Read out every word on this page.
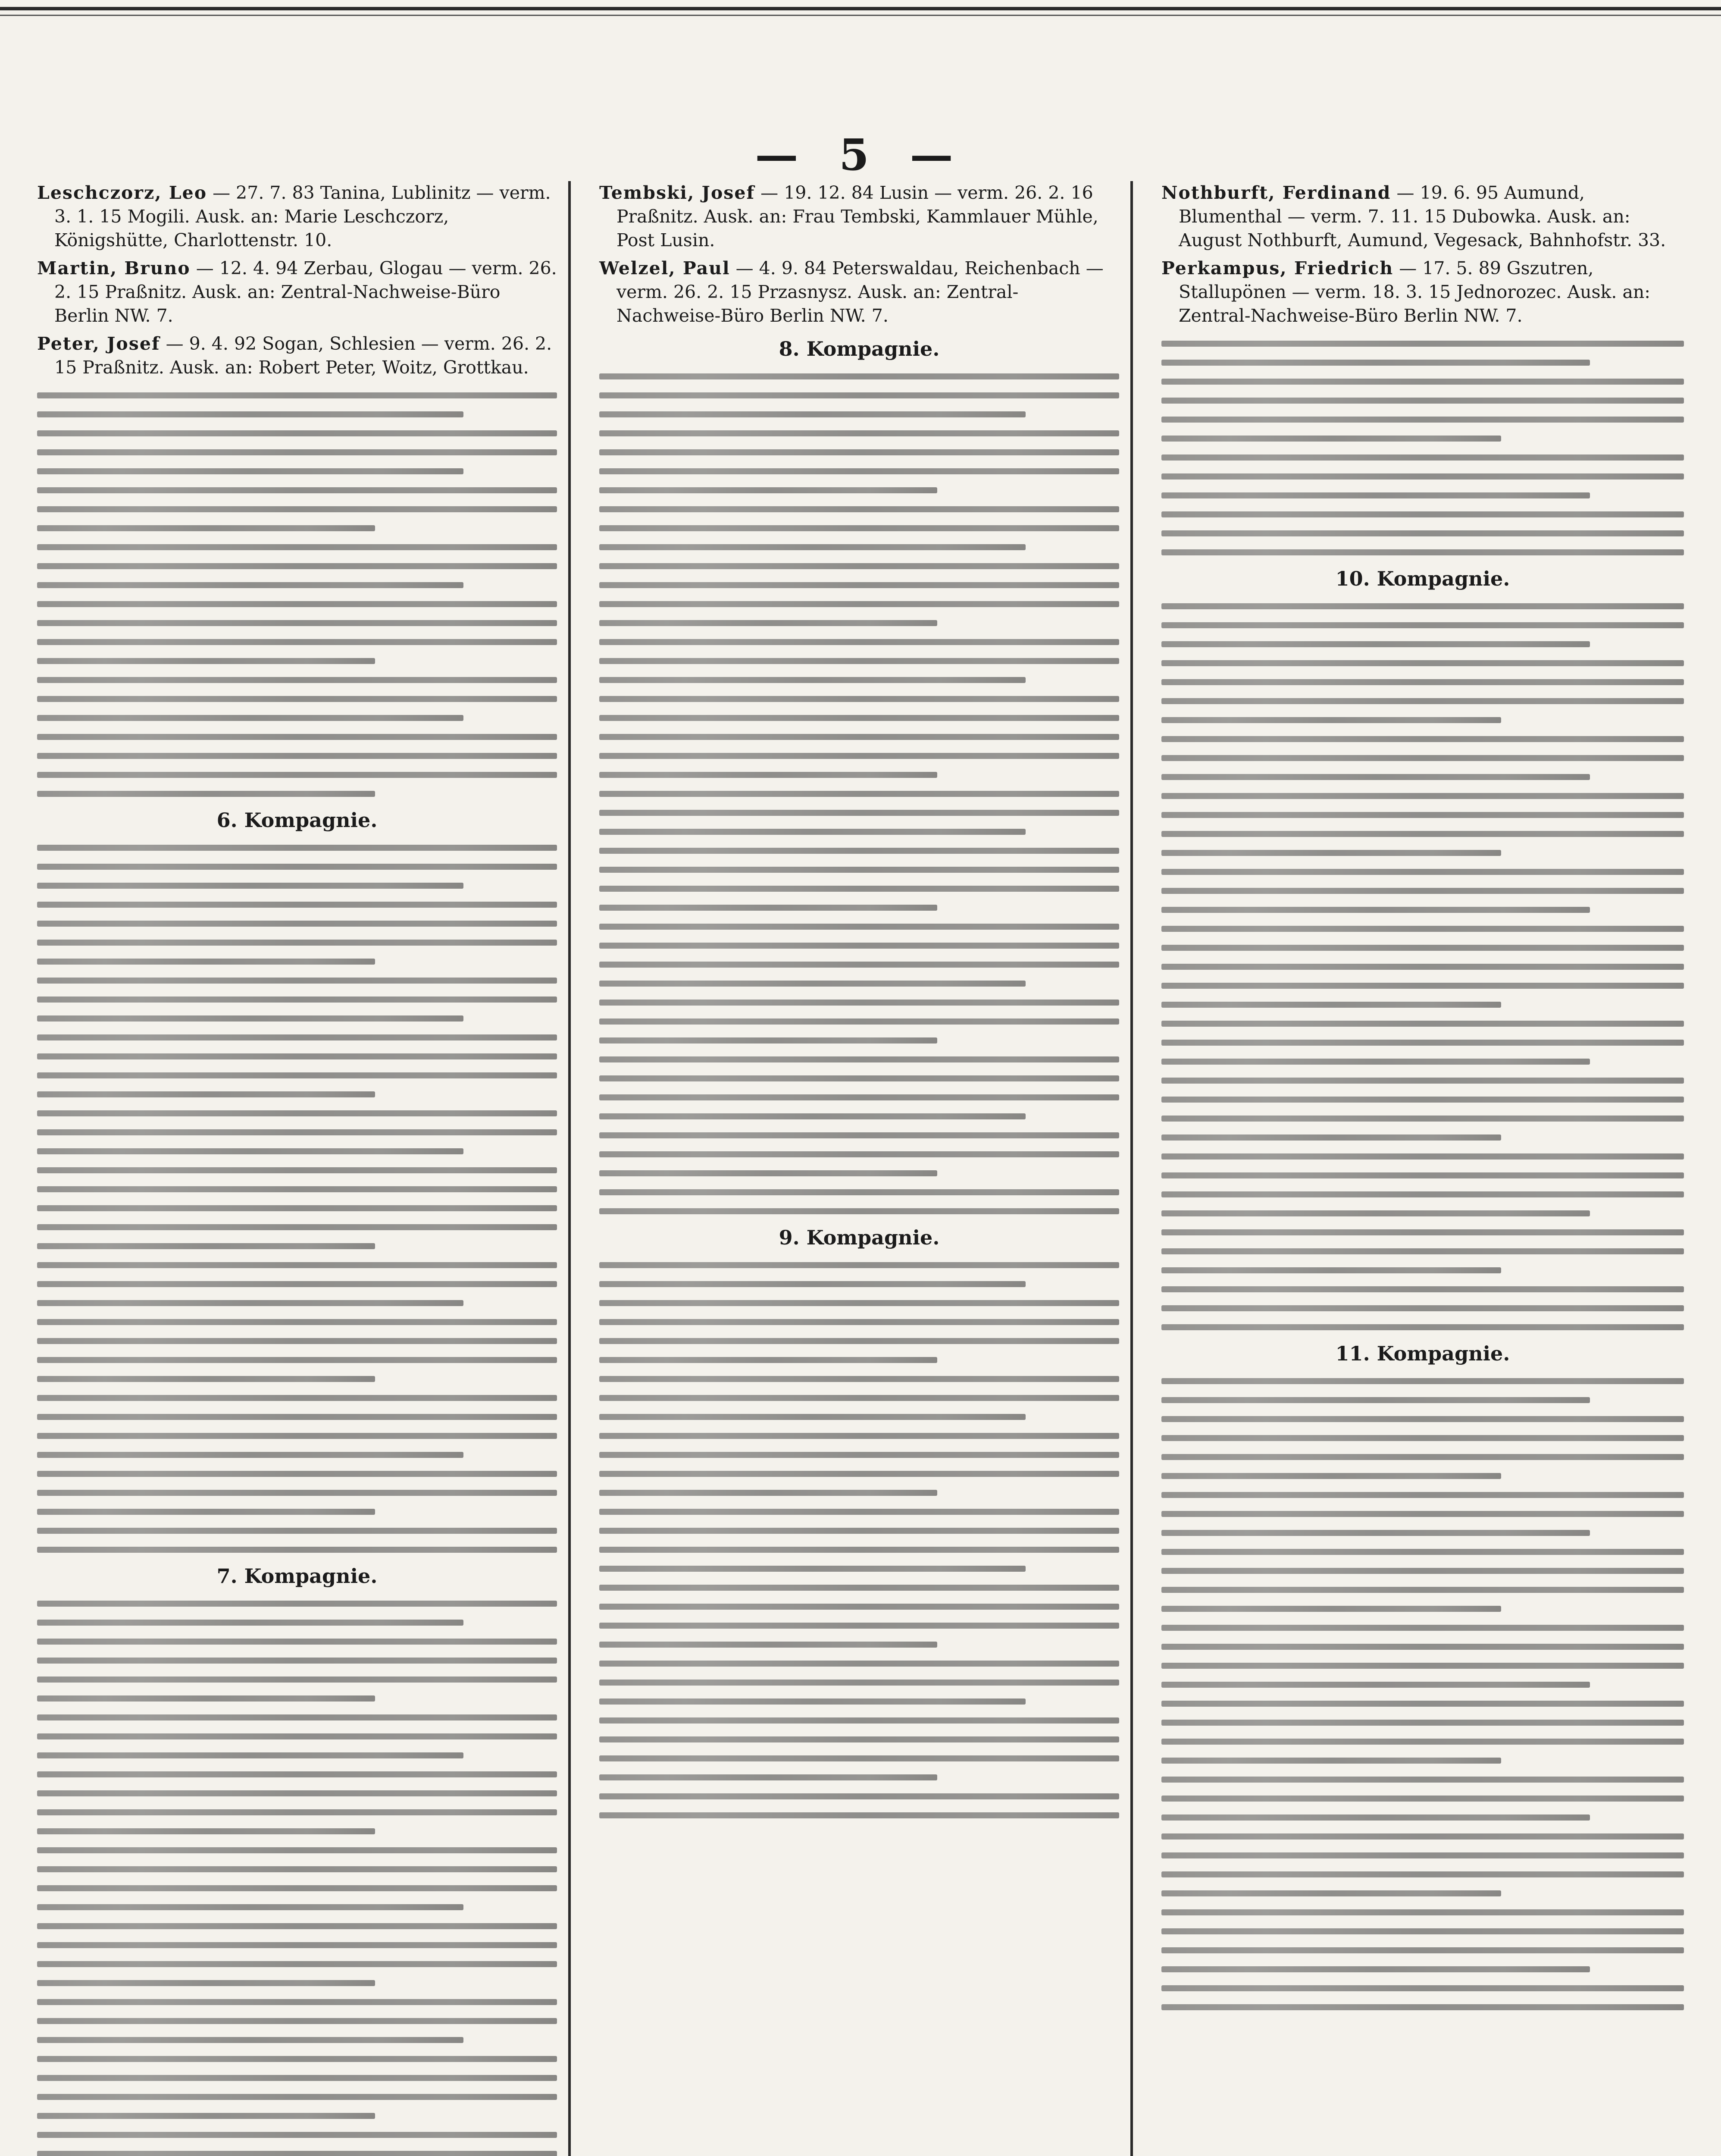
— 5 —

Leschczorz, Leo — 27. 7. 83 Tanina, Lublinitz — verm. 3. 1. 15 Mogili. Ausk. an: Marie Leschczorz, Königshütte, Charlottenstr. 10.

Martin, Bruno — 12. 4. 94 Zerbau, Glogau — verm. 26. 2. 15 Praßnitz. Ausk. an: Zentral-Nachweise-Büro Berlin NW. 7.

Peter, Josef — 9. 4. 92 Sogan, Schlesien — verm. 26. 2. 15 Praßnitz. Ausk. an: Robert Peter, Woitz, Grottkau.

6. Kompagnie.
7. Kompagnie.

Tembski, Josef — 19. 12. 84 Lusin — verm. 26. 2. 16 Praßnitz. Ausk. an: Frau Tembski, Kammlauer Mühle, Post Lusin.

Welzel, Paul — 4. 9. 84 Peterswaldau, Reichenbach — verm. 26. 2. 15 Przasnysz. Ausk. an: Zentral-Nachweise-Büro Berlin NW. 7.

8. Kompagnie.
9. Kompagnie.

Nothburft, Ferdinand — 19. 6. 95 Aumund, Blumenthal — verm. 7. 11. 15 Dubowka. Ausk. an: August Nothburft, Aumund, Vegesack, Bahnhofstr. 33.

Perkampus, Friedrich — 17. 5. 89 Gszutren, Stallupönen — verm. 18. 3. 15 Jednorozec. Ausk. an: Zentral-Nachweise-Büro Berlin NW. 7.

10. Kompagnie.
11. Kompagnie.
